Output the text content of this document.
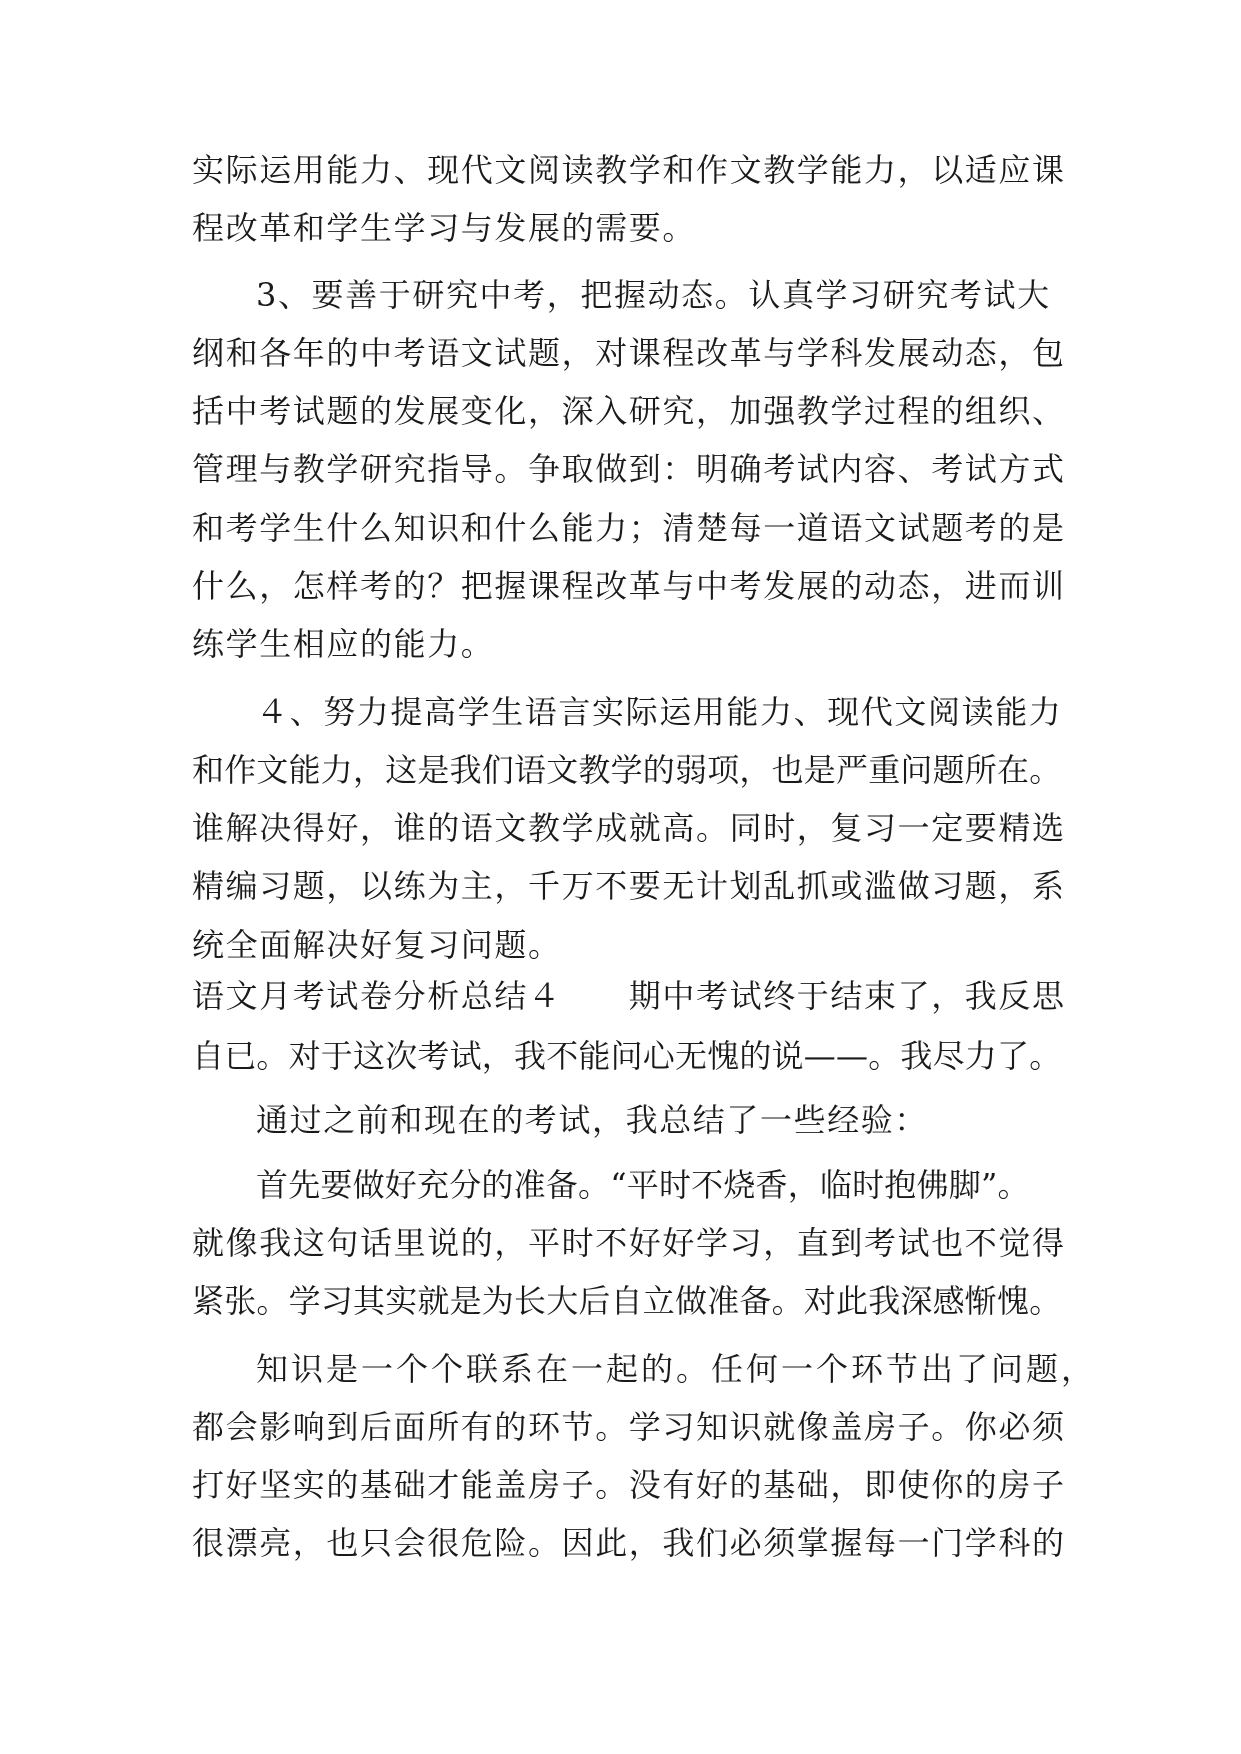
实际运用能力、现代文阅读教学和作文教学能力，以适应课
程改革和学生学习与发展的需要。
3、要善于研究中考，把握动态。认真学习研究考试大
纲和各年的中考语文试题，对课程改革与学科发展动态，包
括中考试题的发展变化，深入研究，加强教学过程的组织、
管理与教学研究指导。争取做到：明确考试内容、考试方式
和考学生什么知识和什么能力；清楚每一道语文试题考的是
什么，怎样考的？把握课程改革与中考发展的动态，进而训
练学生相应的能力。
４、努力提高学生语言实际运用能力、现代文阅读能力
和作文能力，这是我们语文教学的弱项，也是严重问题所在。
谁解决得好，谁的语文教学成就高。同时，复习一定要精选
精编习题，以练为主，千万不要无计划乱抓或滥做习题，系
统全面解决好复习问题。
语文月考试卷分析总结４　　期中考试终于结束了，我反思
自已。对于这次考试，我不能问心无愧的说——。我尽力了。
通过之前和现在的考试，我总结了一些经验：
首先要做好充分的准备。“平时不烧香，临时抱佛脚”。
就像我这句话里说的，平时不好好学习，直到考试也不觉得
紧张。学习其实就是为长大后自立做准备。对此我深感惭愧。
知识是一个个联系在一起的。任何一个环节出了问题，
都会影响到后面所有的环节。学习知识就像盖房子。你必须
打好坚实的基础才能盖房子。没有好的基础，即使你的房子
很漂亮，也只会很危险。因此，我们必须掌握每一门学科的
